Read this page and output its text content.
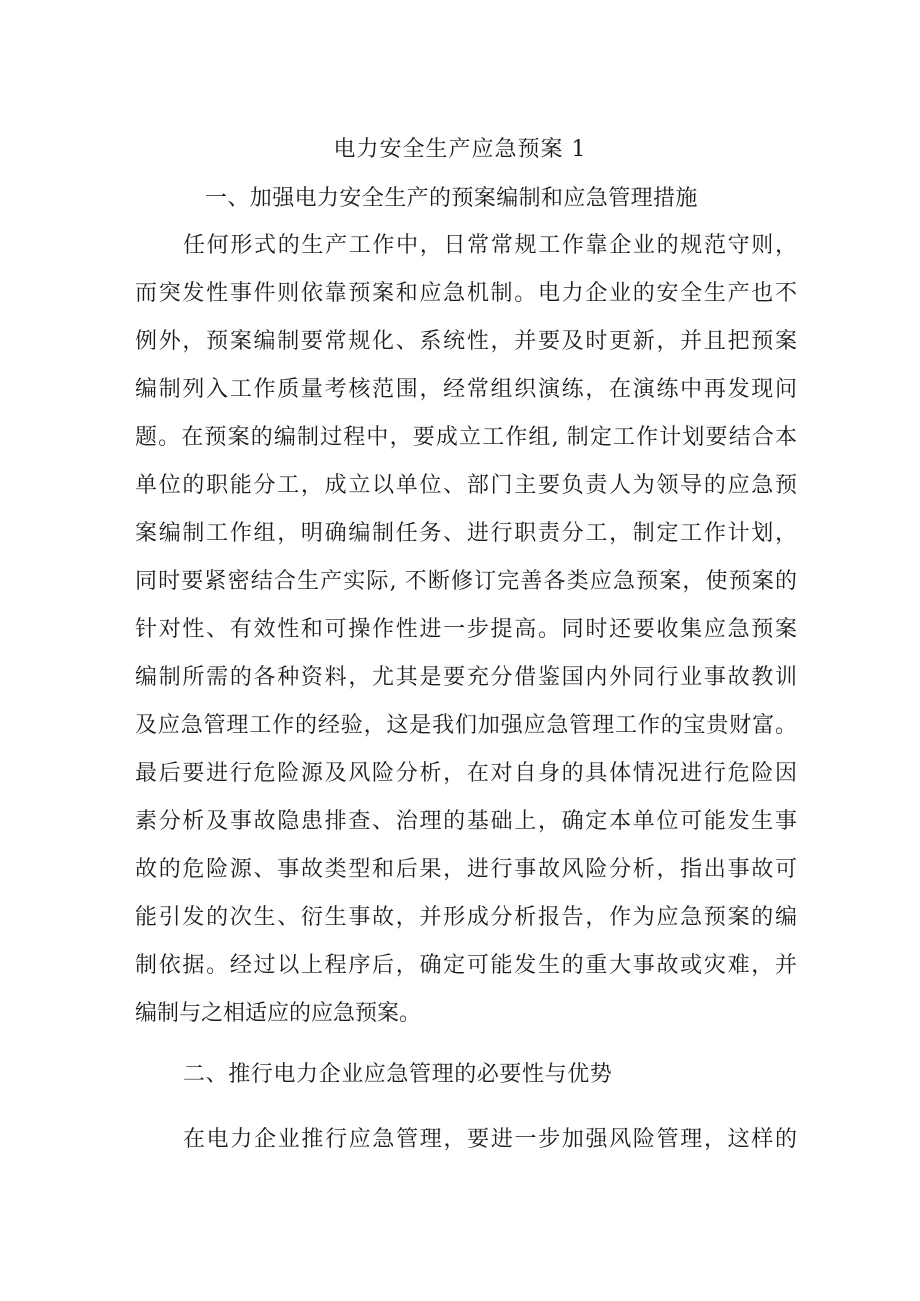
电力安全生产应急预案 1
一、加强电力安全生产的预案编制和应急管理措施

任何形式的生产工作中，日常常规工作靠企业的规范守则，

而突发性事件则依靠预案和应急机制。电力企业的安全生产也不

例外，预案编制要常规化、系统性，并要及时更新，并且把预案

编制列入工作质量考核范围，经常组织演练，在演练中再发现问

题。在预案的编制过程中，要成立工作组, 制定工作计划要结合本

单位的职能分工，成立以单位、部门主要负责人为领导的应急预

案编制工作组，明确编制任务、进行职责分工，制定工作计划，

同时要紧密结合生产实际, 不断修订完善各类应急预案，使预案的

针对性、有效性和可操作性进一步提高。同时还要收集应急预案

编制所需的各种资料，尤其是要充分借鉴国内外同行业事故教训

及应急管理工作的经验，这是我们加强应急管理工作的宝贵财富。

最后要进行危险源及风险分析，在对自身的具体情况进行危险因

素分析及事故隐患排查、治理的基础上，确定本单位可能发生事

故的危险源、事故类型和后果，进行事故风险分析，指出事故可

能引发的次生、衍生事故，并形成分析报告，作为应急预案的编

制依据。经过以上程序后，确定可能发生的重大事故或灾难，并

编制与之相适应的应急预案。

二、推行电力企业应急管理的必要性与优势

在电力企业推行应急管理，要进一步加强风险管理，这样的
